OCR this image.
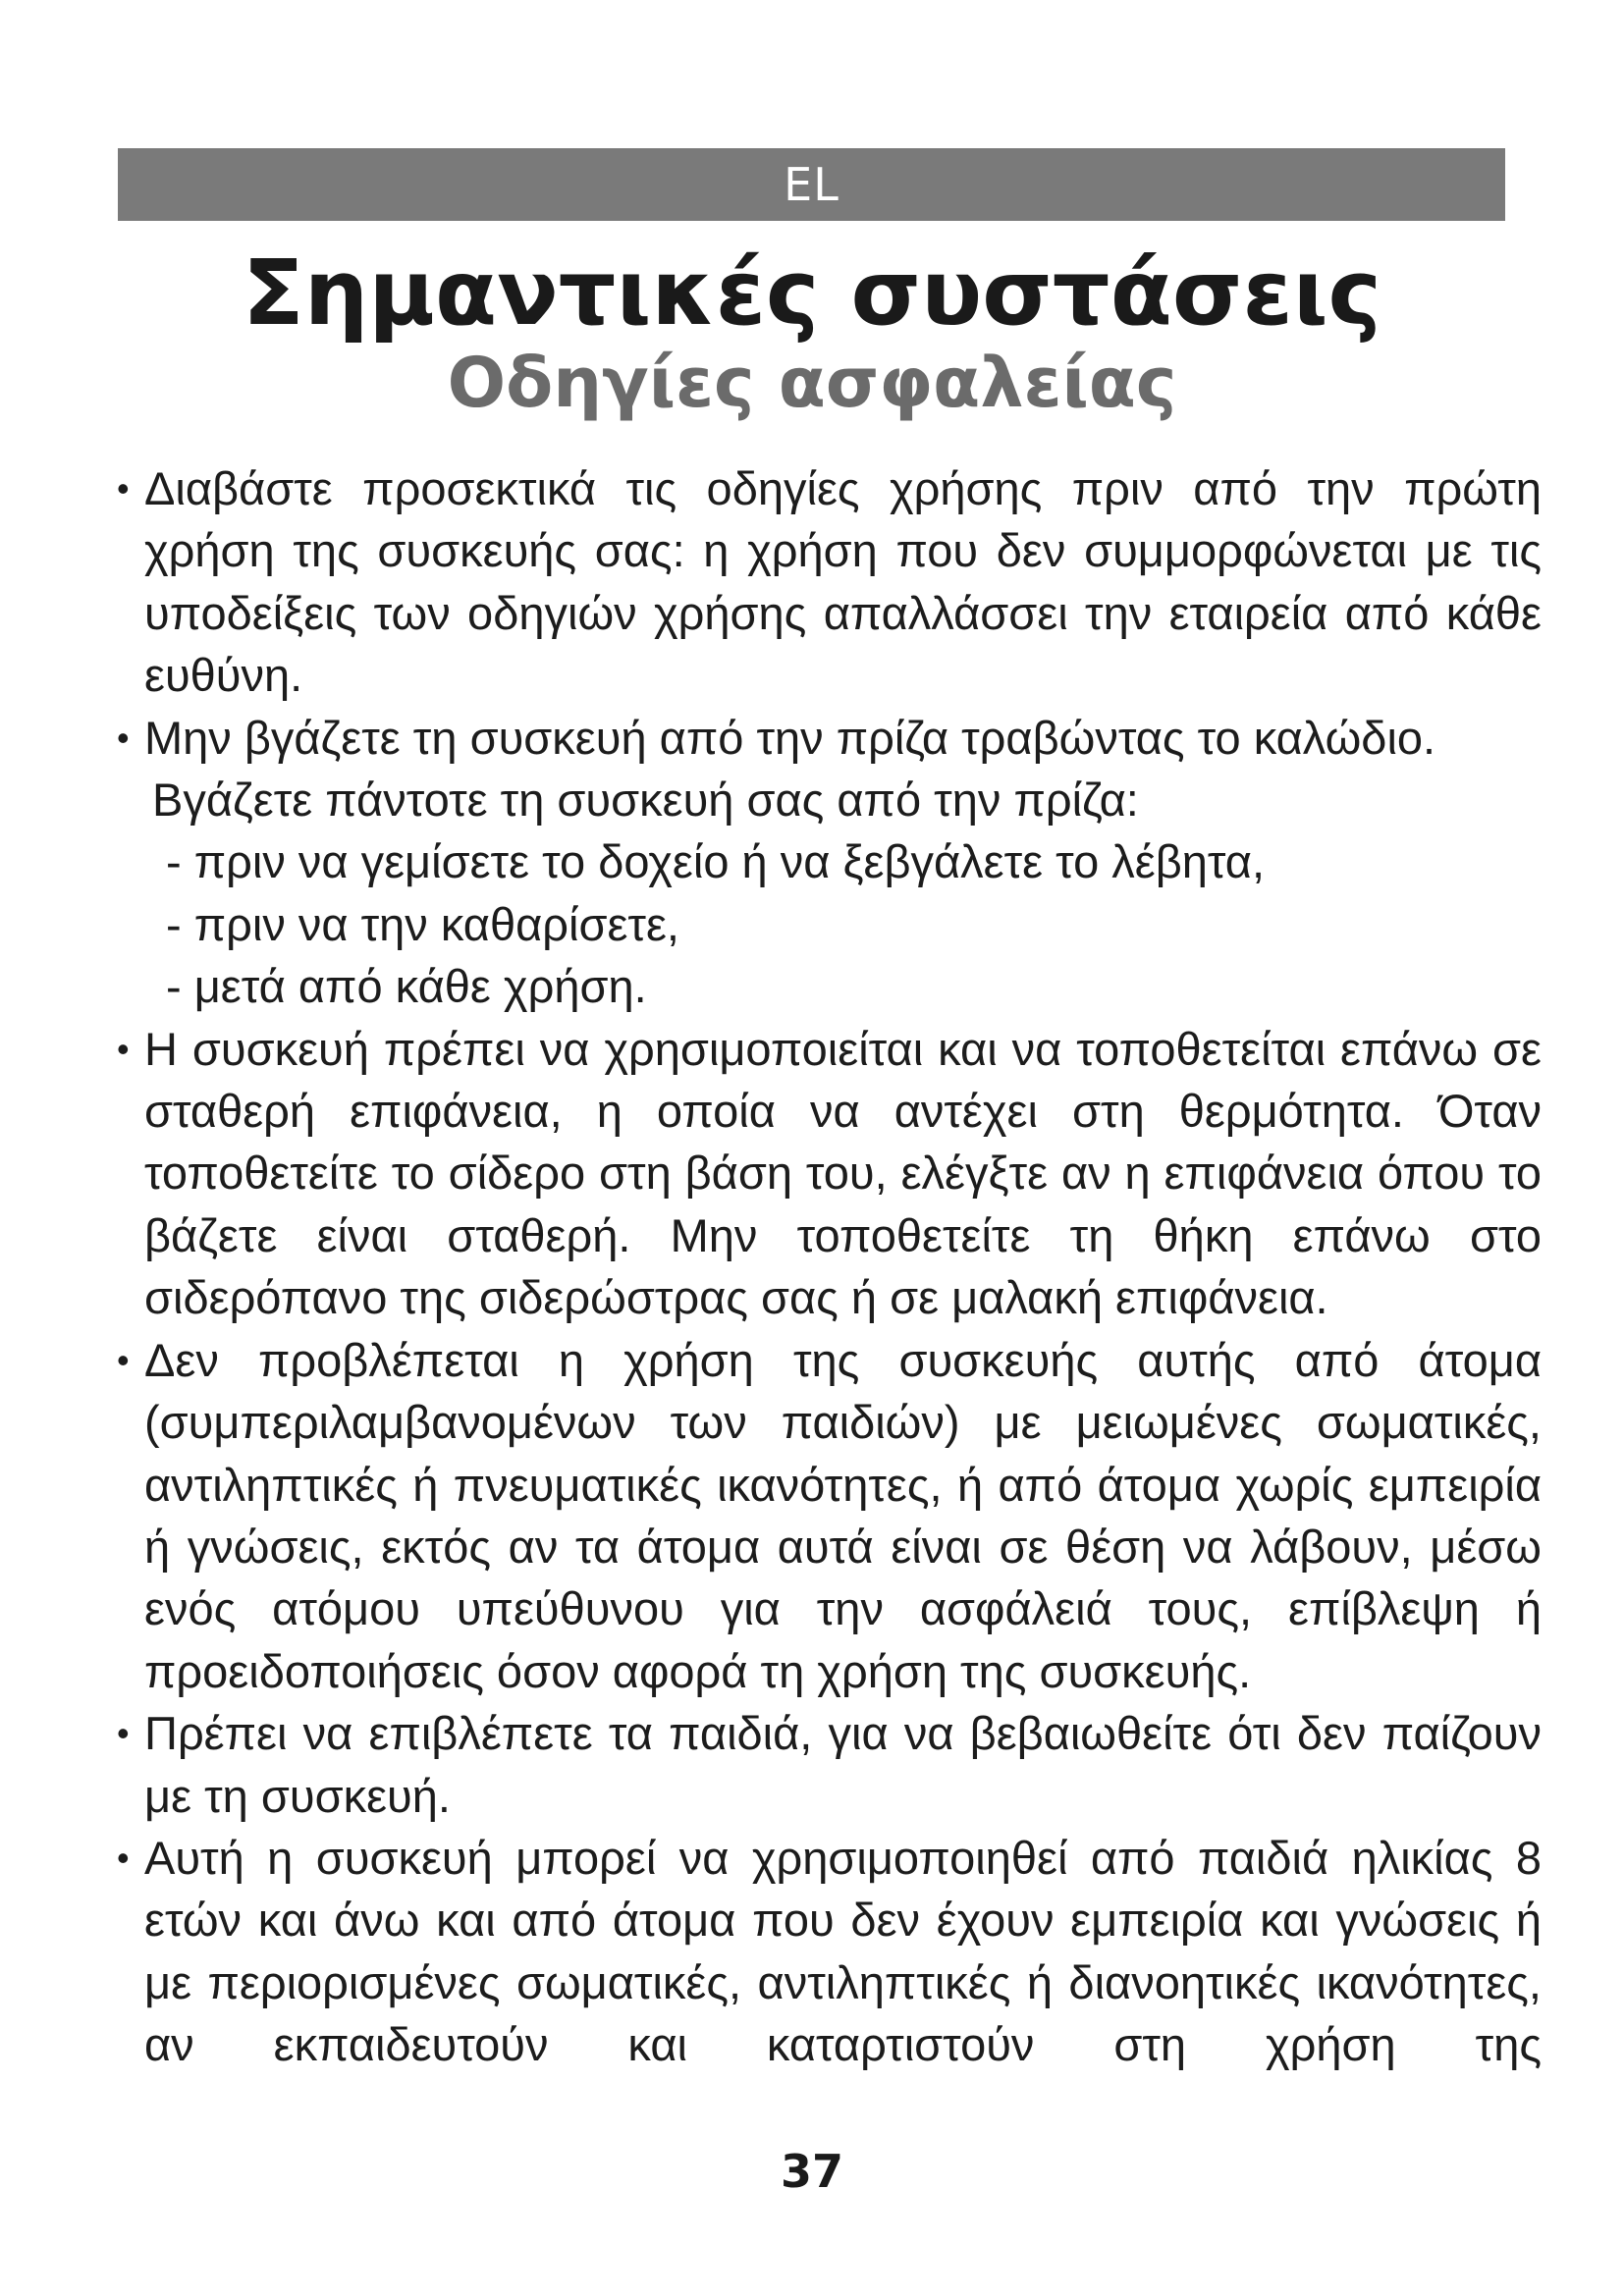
EL
Σημαντικές συστάσεις
Οδηγίες ασφαλείας
• Διαβάστε προσεκτικά τις οδηγίες χρήσης πριν από την πρώτη χρήση της συσκευής σας: η χρήση που δεν συμμορφώνεται με τις υποδείξεις των οδηγιών χρήσης απαλλάσσει την εταιρεία από κάθε ευθύνη.

• Μην βγάζετε τη συσκευή από την πρίζα τραβώντας το καλώδιο.

Βγάζετε πάντοτε τη συσκευή σας από την πρίζα:

- πριν να γεμίσετε το δοχείο ή να ξεβγάλετε το λέβητα,

- πριν να την καθαρίσετε,

- μετά από κάθε χρήση.

• Η συσκευή πρέπει να χρησιμοποιείται και να τοποθετείται επάνω σε σταθερή επιφάνεια, η οποία να αντέχει στη θερμότητα. Όταν τοποθετείτε το σίδερο στη βάση του, ελέγξτε αν η επιφάνεια όπου το βάζετε είναι σταθερή. Μην τοποθετείτε τη θήκη επάνω στο σιδερόπανο της σιδερώστρας σας ή σε μαλακή επιφάνεια.

• Δεν προβλέπεται η χρήση της συσκευής αυτής από άτομα (συμπεριλαμβανομένων των παιδιών) με μειωμένες σωματικές, αντιληπτικές ή πνευματικές ικανότητες, ή από άτομα χωρίς εμπειρία ή γνώσεις, εκτός αν τα άτομα αυτά είναι σε θέση να λάβουν, μέσω ενός ατόμου υπεύθυνου για την ασφάλειά τους, επίβλεψη ή προειδοποιήσεις όσον αφορά τη χρήση της συσκευής.

• Πρέπει να επιβλέπετε τα παιδιά, για να βεβαιωθείτε ότι δεν παίζουν με τη συσκευή.

• Αυτή η συσκευή μπορεί να χρησιμοποιηθεί από παιδιά ηλικίας 8 ετών και άνω και από άτομα που δεν έχουν εμπειρία και γνώσεις ή με περιορισμένες σωματικές, αντιληπτικές ή διανοητικές ικανότητες, αν εκπαιδευτούν και καταρτιστούν στη χρήση της

37
